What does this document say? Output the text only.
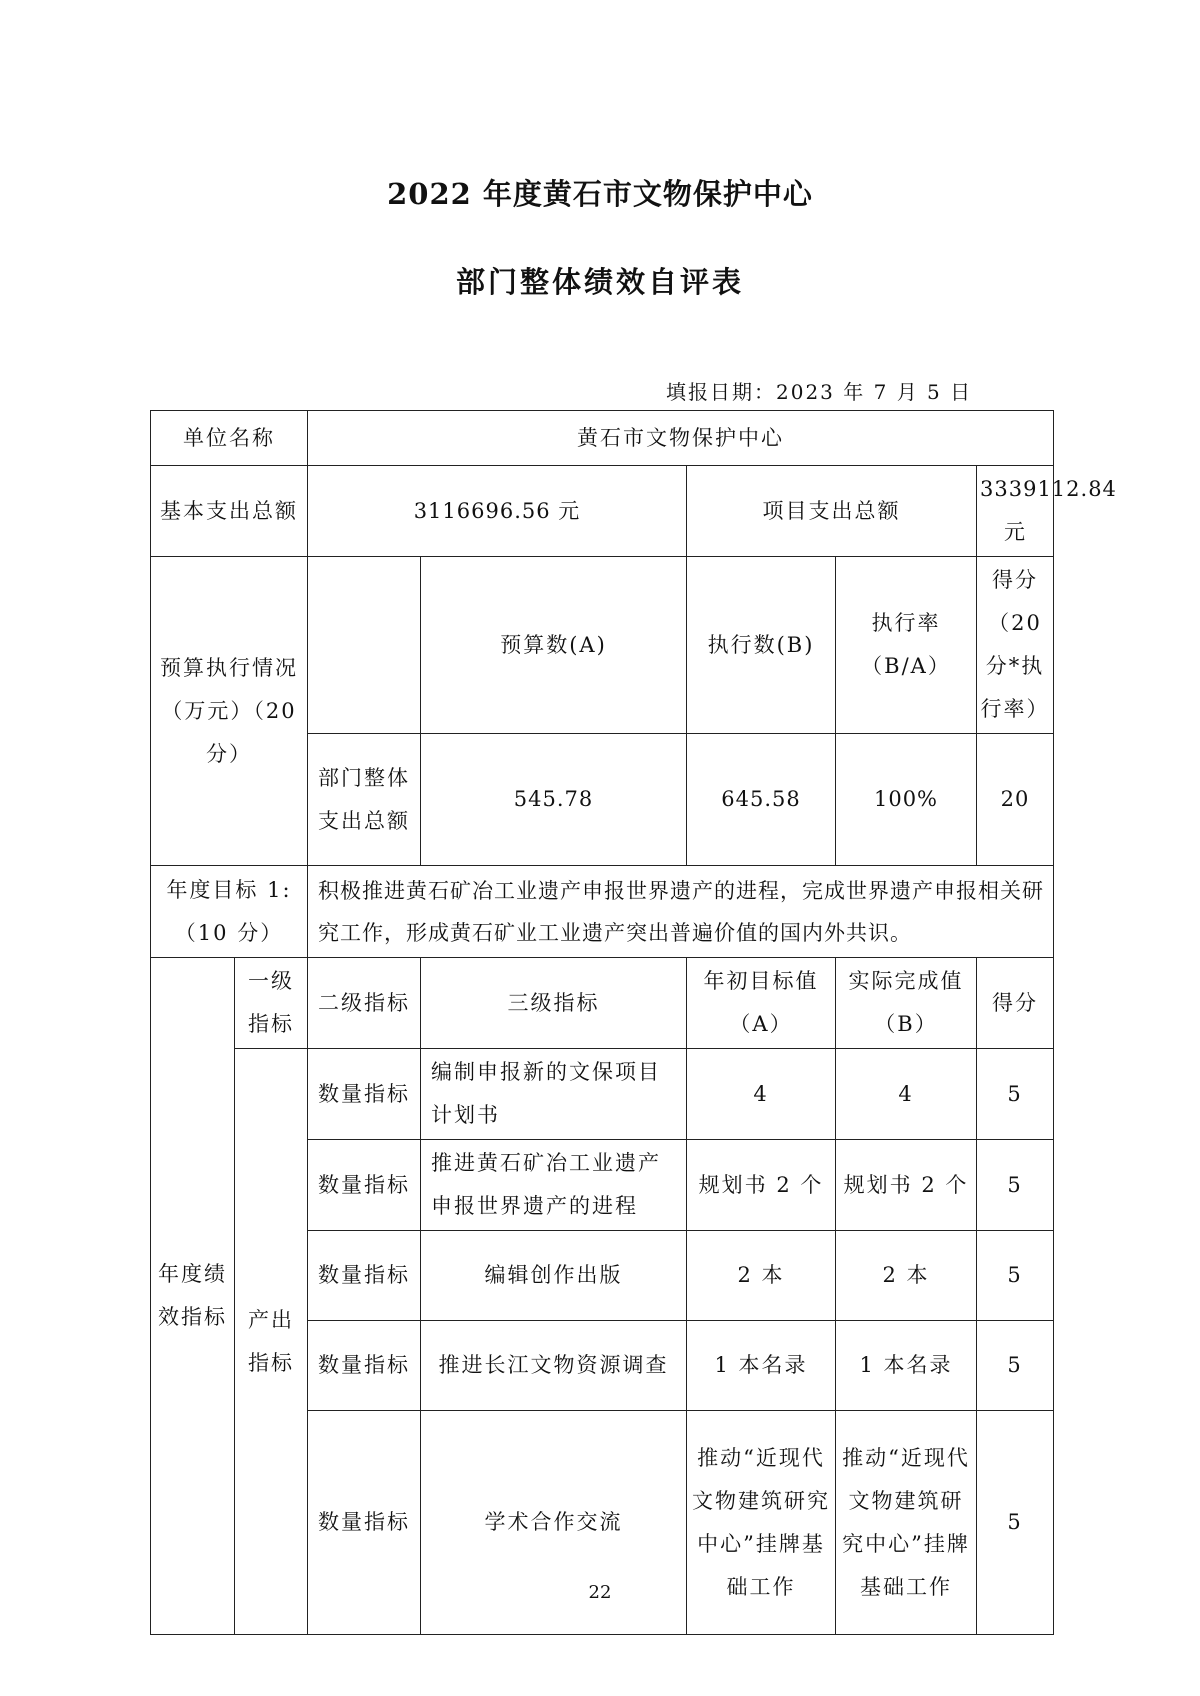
2022 年度黄石市文物保护中心
部门整体绩效自评表
填报日期：2023 年 7 月 5 日
单位名称		黄石市文物保护中心				
基本支出总额		3116696.56 元		项目支出总额		3339112.84 元
预算执行情况（万元）（20 分）			预算数(A)	执行数(B)	执行率（B/A）	得分（20分*执行率）
		部门整体支出总额	545.78	645.58	100%	20
年度目标 1:（10 分）		积极推进黄石矿冶工业遗产申报世界遗产的进程，完成世界遗产申报相关研究工作，形成黄石矿业工业遗产突出普遍价值的国内外共识。				
年度绩效指标	一级指标	二级指标	三级指标	年初目标值（A）	实际完成值（B）	得分
	产出指标	数量指标	编制申报新的文保项目计划书	4	4	5
		数量指标	推进黄石矿冶工业遗产申报世界遗产的进程	规划书 2 个	规划书 2 个	5
		数量指标	编辑创作出版	2 本	2 本	5
		数量指标	推进长江文物资源调查	1 本名录	1 本名录	5
		数量指标	学术合作交流	推动“近现代文物建筑研究中心”挂牌基础工作	推动“近现代文物建筑研究中心”挂牌基础工作	5
22
